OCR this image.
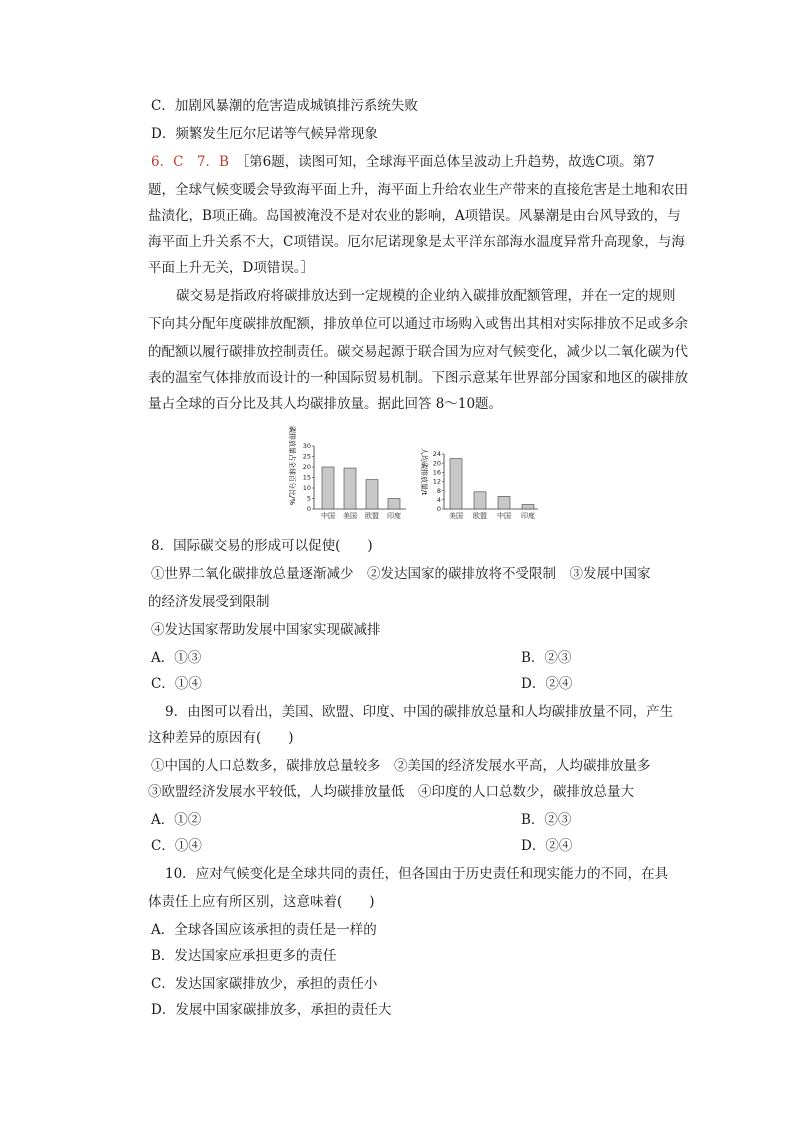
C．加剧风暴潮的危害造成城镇排污系统失败
D．频繁发生厄尔尼诺等气候异常现象
6．C　7．B　 ［第6题，读图可知，全球海平面总体呈波动上升趋势，故选C项。第7
题，全球气候变暖会导致海平面上升，海平面上升给农业生产带来的直接危害是土地和农田
盐渍化，B项正确。岛国被淹没不是对农业的影响，A项错误。风暴潮是由台风导致的，与
海平面上升关系不大，C项错误。厄尔尼诺现象是太平洋东部海水温度异常升高现象，与海
平面上升无关，D项错误。］
碳交易是指政府将碳排放达到一定规模的企业纳入碳排放配额管理，并在一定的规则
下向其分配年度碳排放配额，排放单位可以通过市场购入或售出其相对实际排放不足或多余
的配额以履行碳排放控制责任。碳交易起源于联合国为应对气候变化，减少以二氧化碳为代
表的温室气体排放而设计的一种国际贸易机制。下图示意某年世界部分国家和地区的碳排放
量占全球的百分比及其人均碳排放量。据此回答 8～10题。
碳排放量占全球百分比/% 30
25
20
15
10
5
0
中国 美国 欧盟 印度
人均碳排放量/t 24
20
16
12
8
4
0
美国 欧盟 中国 印度
8．国际碳交易的形成可以促使(　　)
①世界二氧化碳排放总量逐渐减少　②发达国家的碳排放将不受限制　③发展中国家
的经济发展受到限制
④发达国家帮助发展中国家实现碳减排
A．①③	B．②③
C．①④	D．②④
9．由图可以看出，美国、欧盟、印度、中国的碳排放总量和人均碳排放量不同，产生
这种差异的原因有(　　)
①中国的人口总数多，碳排放总量较多　②美国的经济发展水平高，人均碳排放量多
③欧盟经济发展水平较低，人均碳排放量低　④印度的人口总数少，碳排放总量大
A．①②	B．②③
C．①④	D．②④
10．应对气候变化是全球共同的责任，但各国由于历史责任和现实能力的不同，在具
体责任上应有所区别，这意味着(　　)
A．全球各国应该承担的责任是一样的
B．发达国家应承担更多的责任
C．发达国家碳排放少，承担的责任小
D．发展中国家碳排放多，承担的责任大
